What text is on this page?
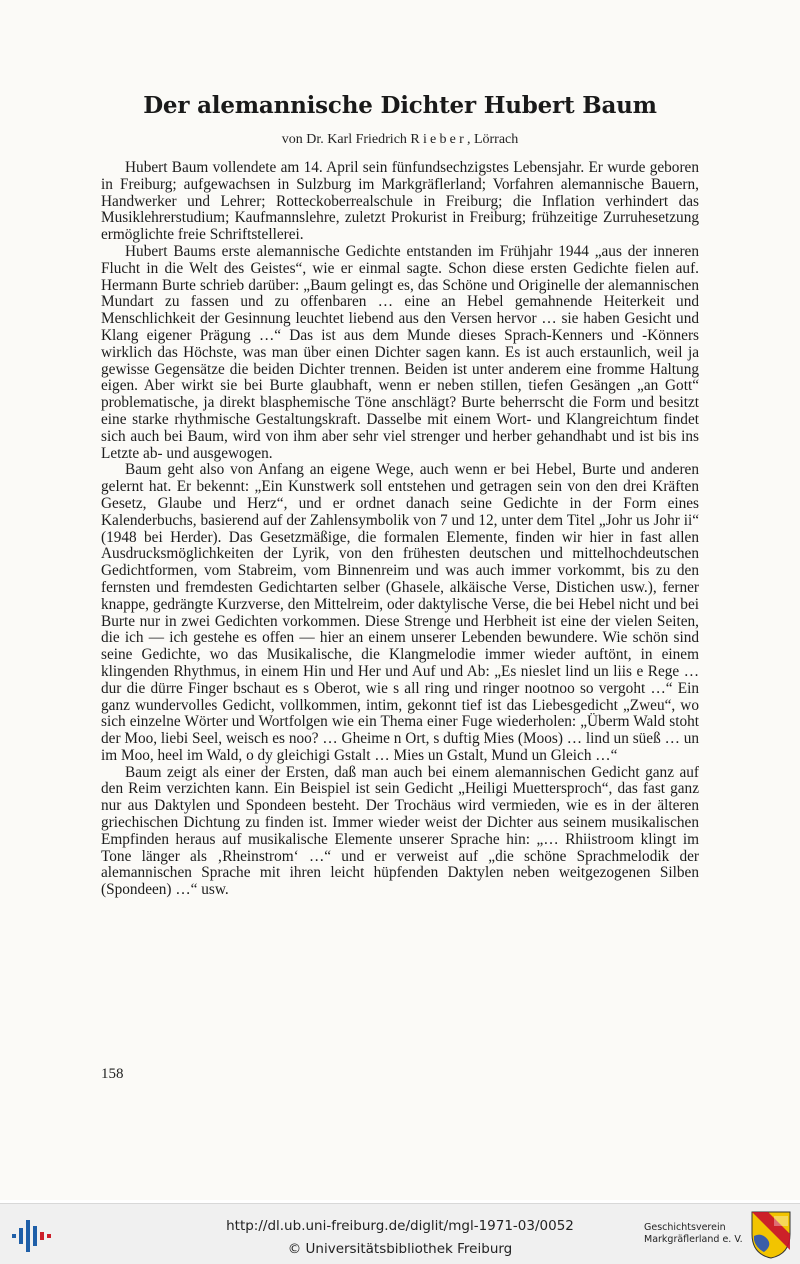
Der alemannische Dichter Hubert Baum
von Dr. Karl Friedrich Rieber, Lörrach

Hubert Baum vollendete am 14. April sein fünfundsechzigstes Lebensjahr. Er wurde geboren in Freiburg; aufgewachsen in Sulzburg im Markgräflerland; Vorfahren alemannische Bauern, Handwerker und Lehrer; Rotteckoberrealschule in Freiburg; die Inflation verhindert das Musiklehrerstudium; Kaufmannslehre, zuletzt Prokurist in Freiburg; frühzeitige Zurruhesetzung ermöglichte freie Schriftstellerei.

Hubert Baums erste alemannische Gedichte entstanden im Frühjahr 1944 „aus der inneren Flucht in die Welt des Geistes“, wie er einmal sagte. Schon diese ersten Gedichte fielen auf. Hermann Burte schrieb darüber: „Baum gelingt es, das Schöne und Originelle der alemannischen Mundart zu fassen und zu offenbaren … eine an Hebel gemahnende Heiterkeit und Menschlichkeit der Gesinnung leuchtet liebend aus den Versen hervor … sie haben Gesicht und Klang eigener Prägung …“ Das ist aus dem Munde dieses Sprach-Kenners und -Könners wirklich das Höchste, was man über einen Dichter sagen kann. Es ist auch erstaunlich, weil ja gewisse Gegensätze die beiden Dichter trennen. Beiden ist unter anderem eine fromme Haltung eigen. Aber wirkt sie bei Burte glaubhaft, wenn er neben stillen, tiefen Gesängen „an Gott“ problematische, ja direkt blasphemische Töne anschlägt? Burte beherrscht die Form und besitzt eine starke rhythmische Gestaltungskraft. Dasselbe mit einem Wort- und Klangreichtum findet sich auch bei Baum, wird von ihm aber sehr viel strenger und herber gehandhabt und ist bis ins Letzte ab- und ausgewogen.

Baum geht also von Anfang an eigene Wege, auch wenn er bei Hebel, Burte und anderen gelernt hat. Er bekennt: „Ein Kunstwerk soll entstehen und getragen sein von den drei Kräften Gesetz, Glaube und Herz“, und er ordnet danach seine Gedichte in der Form eines Kalenderbuchs, basierend auf der Zahlensymbolik von 7 und 12, unter dem Titel „Johr us Johr ii“ (1948 bei Herder). Das Gesetzmäßige, die formalen Elemente, finden wir hier in fast allen Ausdrucksmöglichkeiten der Lyrik, von den frühesten deutschen und mittelhochdeutschen Gedichtformen, vom Stabreim, vom Binnenreim und was auch immer vorkommt, bis zu den fernsten und fremdesten Gedichtarten selber (Ghasele, alkäische Verse, Distichen usw.), ferner knappe, gedrängte Kurzverse, den Mittelreim, oder daktylische Verse, die bei Hebel nicht und bei Burte nur in zwei Gedichten vorkommen. Diese Strenge und Herbheit ist eine der vielen Seiten, die ich — ich gestehe es offen — hier an einem unserer Lebenden bewundere. Wie schön sind seine Gedichte, wo das Musikalische, die Klangmelodie immer wieder auftönt, in einem klingenden Rhythmus, in einem Hin und Her und Auf und Ab: „Es nieslet lind un liis e Rege … dur die dürre Finger bschaut es s Oberot, wie s all ring und ringer nootnoo so vergoht …“ Ein ganz wundervolles Gedicht, vollkommen, intim, gekonnt tief ist das Liebesgedicht „Zweu“, wo sich einzelne Wörter und Wortfolgen wie ein Thema einer Fuge wiederholen: „Überm Wald stoht der Moo, liebi Seel, weisch es noo? … Gheime n Ort, s duftig Mies (Moos) … lind un süeß … un im Moo, heel im Wald, o dy gleichigi Gstalt … Mies un Gstalt, Mund un Gleich …“

Baum zeigt als einer der Ersten, daß man auch bei einem alemannischen Gedicht ganz auf den Reim verzichten kann. Ein Beispiel ist sein Gedicht „Heiligi Muettersproch“, das fast ganz nur aus Daktylen und Spondeen besteht. Der Trochäus wird vermieden, wie es in der älteren griechischen Dichtung zu finden ist. Immer wieder weist der Dichter aus seinem musikalischen Empfinden heraus auf musikalische Elemente unserer Sprache hin: „… Rhiistroom klingt im Tone länger als ‚Rheinstrom‘ …“ und er verweist auf „die schöne Sprachmelodik der alemannischen Sprache mit ihren leicht hüpfenden Daktylen neben weitgezogenen Silben (Spondeen) …“ usw.

158
http://dl.ub.uni-freiburg.de/diglit/mgl-1971-03/0052
© Universitätsbibliothek Freiburg
Geschichtsverein
Markgräflerland e. V.
